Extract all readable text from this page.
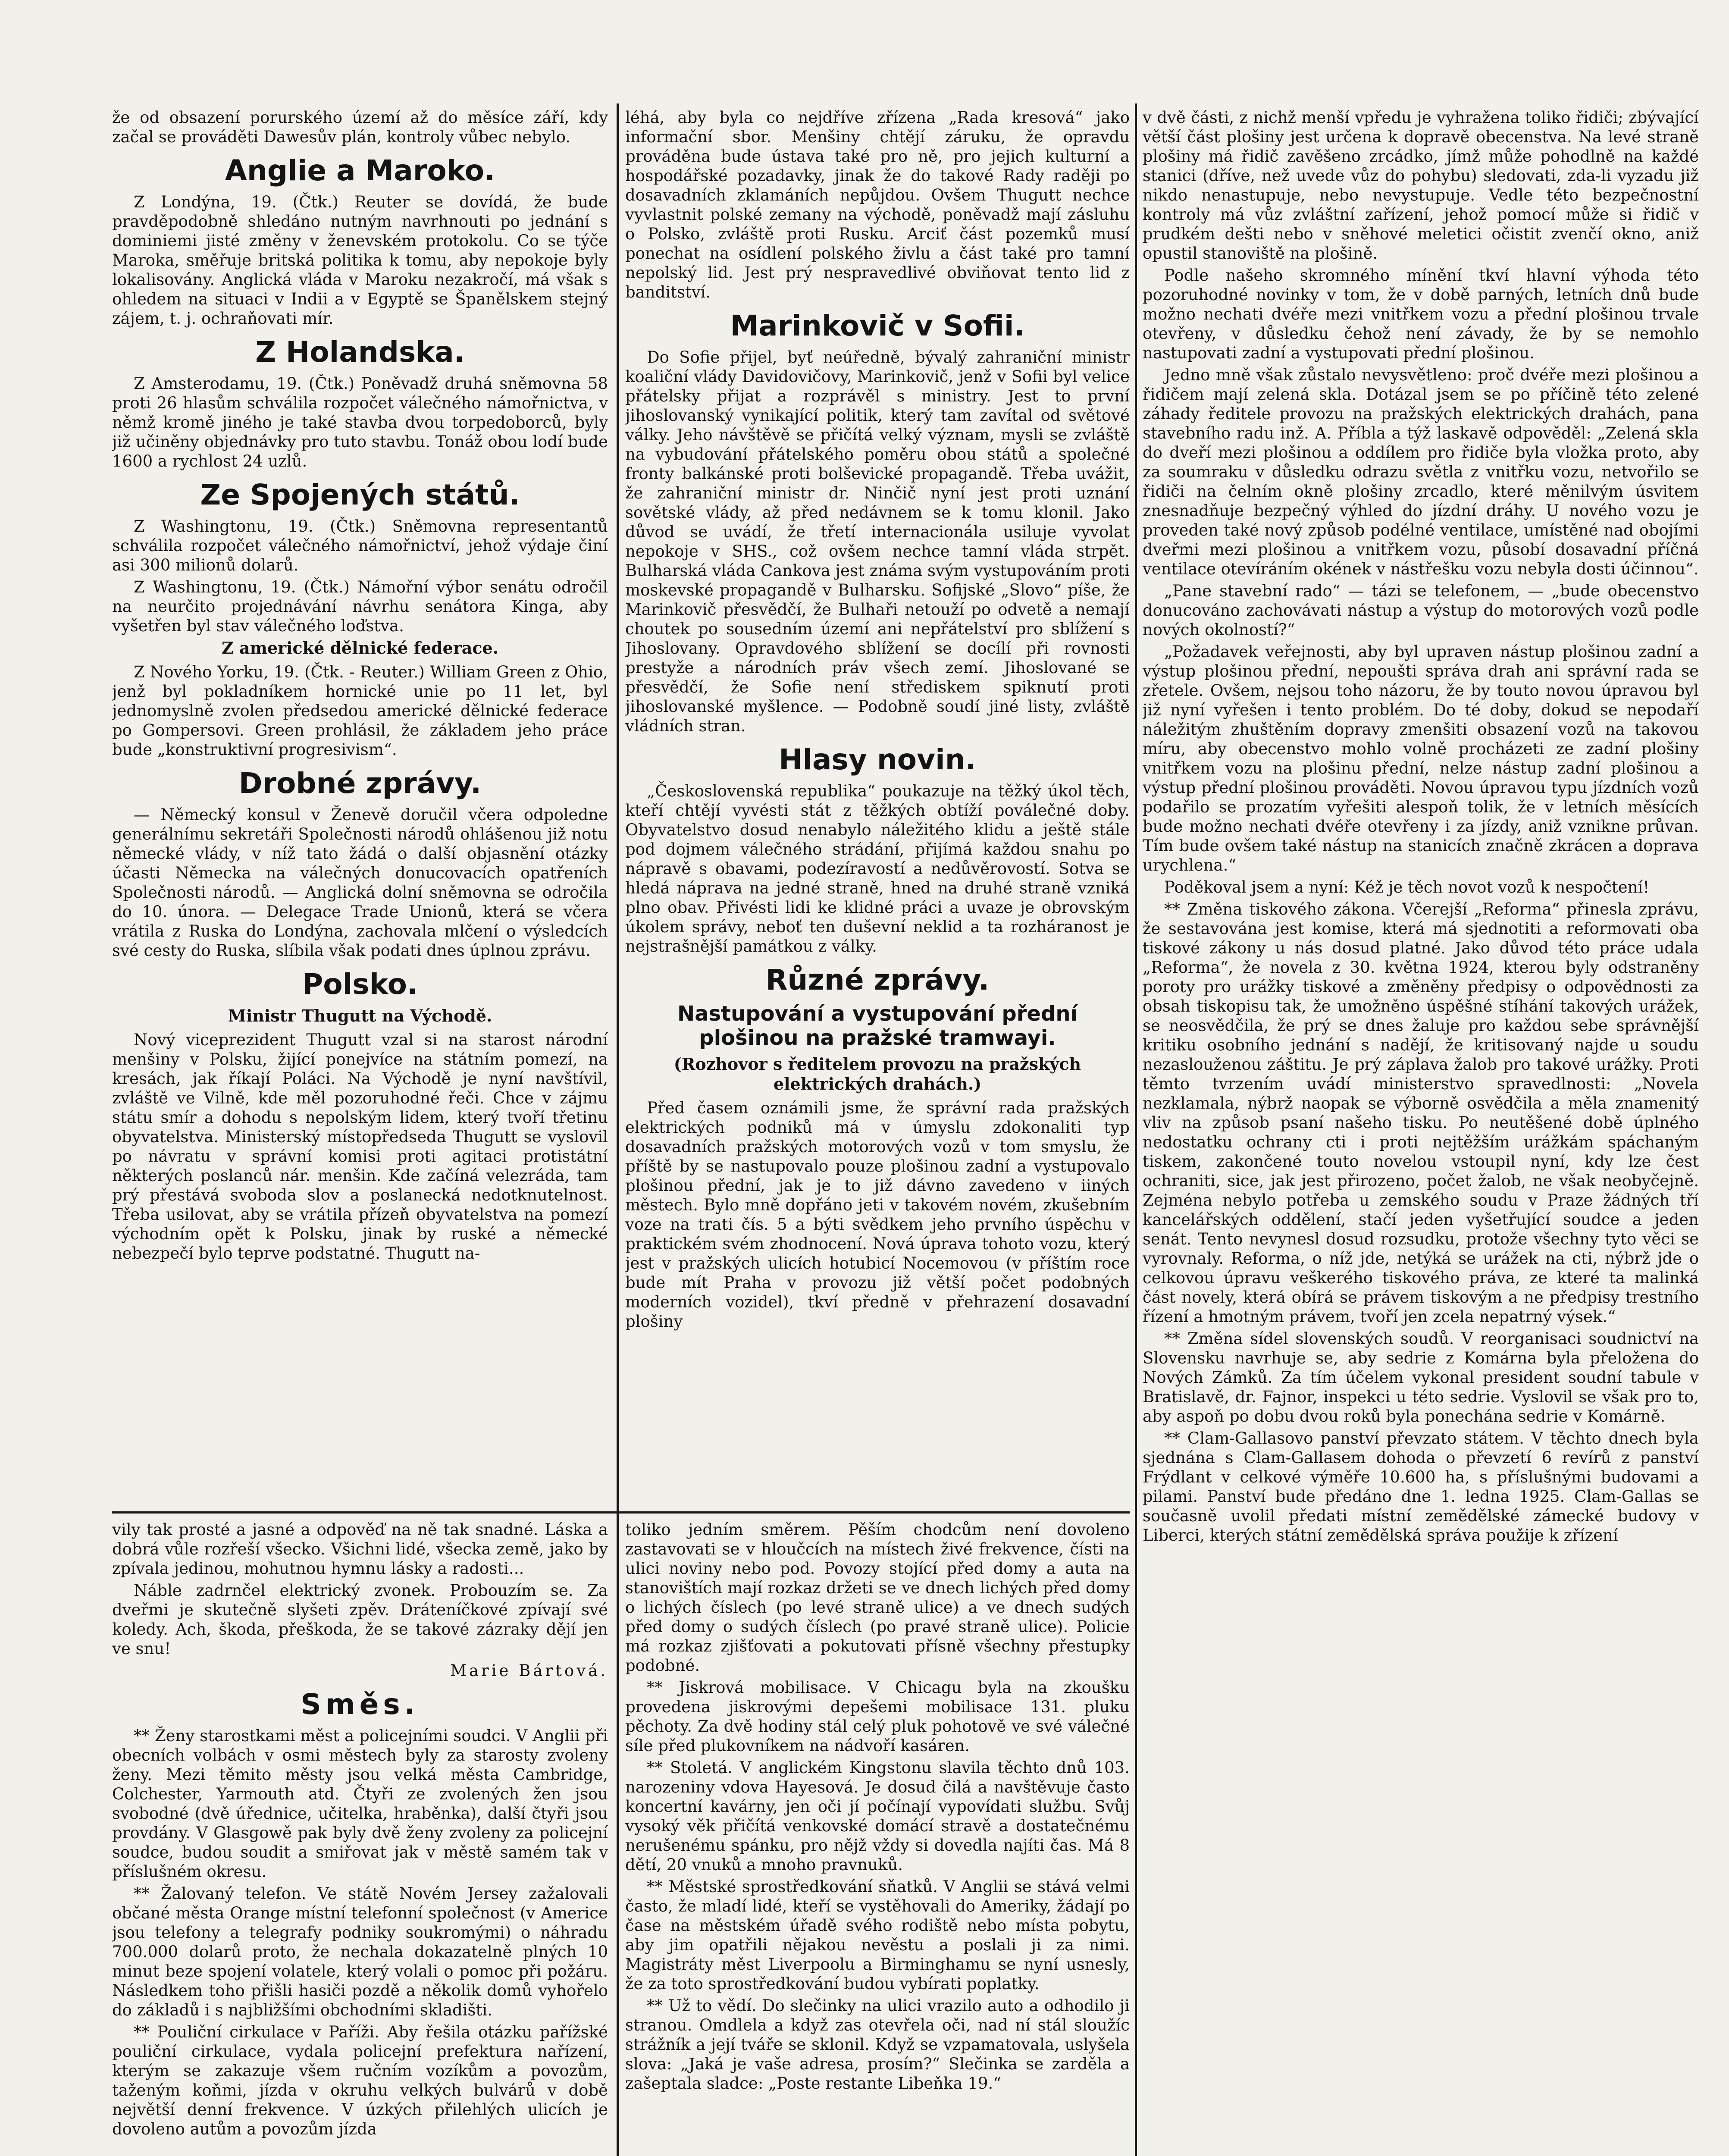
že od obsazení porurského území až do měsíce září, kdy začal se prováděti Dawesův plán, kontroly vůbec nebylo.

Anglie a Maroko.

Z Londýna, 19. (Čtk.) Reuter se dovídá, že bude pravděpodobně shledáno nutným navrhnouti po jednání s dominiemi jisté změny v ženevském protokolu. Co se týče Maroka, směřuje britská politika k tomu, aby nepokoje byly lokalisovány. Anglická vláda v Maroku nezakročí, má však s ohledem na situaci v Indii a v Egyptě se Španělskem stejný zájem, t. j. ochraňovati mír.

Z Holandska.

Z Amsterodamu, 19. (Čtk.) Poněvadž druhá sněmovna 58 proti 26 hlasům schválila rozpočet válečného námořnictva, v němž kromě jiného je také stavba dvou torpedoborců, byly již učiněny objednávky pro tuto stavbu. Tonáž obou lodí bude 1600 a rychlost 24 uzlů.

Ze Spojených států.

Z Washingtonu, 19. (Čtk.) Sněmovna representantů schválila rozpočet válečného námořnictví, jehož výdaje činí asi 300 milionů dolarů.

Z Washingtonu, 19. (Čtk.) Námořní výbor senátu odročil na neurčito projednávání návrhu senátora Kinga, aby vyšetřen byl stav válečného loďstva.

Z americké dělnické federace.

Z Nového Yorku, 19. (Čtk. - Reuter.) William Green z Ohio, jenž byl pokladníkem hornické unie po 11 let, byl jednomyslně zvolen předsedou americké dělnické federace po Gompersovi. Green prohlásil, že základem jeho práce bude „konstruktivní progresivism“.

Drobné zprávy.

— Německý konsul v Ženevě doručil včera odpoledne generálnímu sekretáři Společnosti národů ohlášenou již notu německé vlády, v níž tato žádá o další objasnění otázky účasti Německa na válečných donucovacích opatřeních Společnosti národů. — Anglická dolní sněmovna se odročila do 10. února. — Delegace Trade Unionů, která se včera vrátila z Ruska do Londýna, zachovala mlčení o výsledcích své cesty do Ruska, slíbila však podati dnes úplnou zprávu.

Polsko.
Ministr Thugutt na Východě.

Nový viceprezident Thugutt vzal si na starost národní menšiny v Polsku, žijící ponejvíce na státním pomezí, na kresách, jak říkají Poláci. Na Východě je nyní navštívil, zvláště ve Vilně, kde měl pozoruhodné řeči. Chce v zájmu státu smír a dohodu s nepolským lidem, který tvoří třetinu obyvatelstva. Ministerský místopředseda Thugutt se vyslovil po návratu v správní komisi proti agitaci protistátní některých poslanců nár. menšin. Kde začíná velezráda, tam prý přestává svoboda slov a poslanecká nedotknutelnost. Třeba usilovat, aby se vrátila přízeň obyvatelstva na pomezí východním opět k Polsku, jinak by ruské a německé nebezpečí bylo teprve podstatné. Thugutt na-

léhá, aby byla co nejdříve zřízena „Rada kresová“ jako informační sbor. Menšiny chtějí záruku, že opravdu prováděna bude ústava také pro ně, pro jejich kulturní a hospodářské pozadavky, jinak že do takové Rady raději po dosavadních zklamáních nepůjdou. Ovšem Thugutt nechce vyvlastnit polské zemany na východě, poněvadž mají zásluhu o Polsko, zvláště proti Rusku. Arciť část pozemků musí ponechat na osídlení polského živlu a část také pro tamní nepolský lid. Jest prý nespravedlivé obviňovat tento lid z banditství.

Marinkovič v Sofii.

Do Sofie přijel, byť neúředně, bývalý zahraniční ministr koaliční vlády Davidovičovy, Marinkovič, jenž v Sofii byl velice přátelsky přijat a rozprávěl s ministry. Jest to první jihoslovanský vynikající politik, který tam zavítal od světové války. Jeho návštěvě se přičítá velký význam, mysli se zvláště na vybudování přátelského poměru obou států a společné fronty balkánské proti bolševické propagandě. Třeba uvážit, že zahraniční ministr dr. Ninčič nyní jest proti uznání sovětské vlády, až před nedávnem se k tomu klonil. Jako důvod se uvádí, že třetí internacionála usiluje vyvolat nepokoje v SHS., což ovšem nechce tamní vláda strpět. Bulharská vláda Cankova jest známa svým vystupováním proti moskevské propagandě v Bulharsku. Sofijské „Slovo“ píše, že Marinkovič přesvědčí, že Bulhaři netouží po odvetě a nemají choutek po sousedním území ani nepřátelství pro sblížení s Jihoslovany. Opravdového sblížení se docílí při rovnosti prestyže a národních práv všech zemí. Jihoslované se přesvědčí, že Sofie není střediskem spiknutí proti jihoslovanské myšlence. — Podobně soudí jiné listy, zvláště vládních stran.

Hlasy novin.

„Československá republika“ poukazuje na těžký úkol těch, kteří chtějí vyvésti stát z těžkých obtíží poválečné doby. Obyvatelstvo dosud nenabylo náležitého klidu a ještě stále pod dojmem válečného strádání, přijímá každou snahu po nápravě s obavami, podezíravostí a nedůvěrovostí. Sotva se hledá náprava na jedné straně, hned na druhé straně vzniká plno obav. Přivésti lidi ke klidné práci a uvaze je obrovským úkolem správy, neboť ten duševní neklid a ta rozháranost je nejstrašnější památkou z války.

Různé zprávy.
Nastupování a vystupování přední plošinou na pražské tramwayi.
(Rozhovor s ředitelem provozu na pražských elektrických drahách.)

Před časem oznámili jsme, že správní rada pražských elektrických podniků má v úmyslu zdokonaliti typ dosavadních pražských motorových vozů v tom smyslu, že příště by se nastupovalo pouze plošinou zadní a vystupovalo plošinou přední, jak je to již dávno zavedeno v iiných městech. Bylo mně dopřáno jeti v takovém novém, zkušebním voze na trati čís. 5 a býti svědkem jeho prvního úspěchu v praktickém svém zhodnocení. Nová úprava tohoto vozu, který jest v pražských ulicích hotubicí Nocemovou (v příštím roce bude mít Praha v provozu již větší počet podobných moderních vozidel), tkví předně v přehrazení dosavadní plošiny

v dvě části, z nichž menší vpředu je vyhražena toliko řidiči; zbývající větší část plošiny jest určena k dopravě obecenstva. Na levé straně plošiny má řidič zavěšeno zrcádko, jímž může pohodlně na každé stanici (dříve, než uvede vůz do pohybu) sledovati, zda-li vyzadu již nikdo nenastupuje, nebo nevystupuje. Vedle této bezpečnostní kontroly má vůz zvláštní zařízení, jehož pomocí může si řidič v prudkém dešti nebo v sněhové meletici očistit zvenčí okno, aniž opustil stanoviště na plošině.

Podle našeho skromného mínění tkví hlavní výhoda této pozoruhodné novinky v tom, že v době parných, letních dnů bude možno nechati dvéře mezi vnitřkem vozu a přední plošinou trvale otevřeny, v důsledku čehož není závady, že by se nemohlo nastupovati zadní a vystupovati přední plošinou.

Jedno mně však zůstalo nevysvětleno: proč dvéře mezi plošinou a řidičem mají zelená skla. Dotázal jsem se po příčině této zelené záhady ředitele provozu na pražských elektrických drahách, pana stavebního radu inž. A. Příbla a týž laskavě odpověděl: „Zelená skla do dveří mezi plošinou a oddílem pro řidiče byla vložka proto, aby za soumraku v důsledku odrazu světla z vnitřku vozu, netvořilo se řidiči na čelním okně plošiny zrcadlo, které měnilvým úsvitem znesnadňuje bezpečný výhled do jízdní dráhy. U nového vozu je proveden také nový způsob podélné ventilace, umístěné nad obojími dveřmi mezi plošinou a vnitřkem vozu, působí dosavadní příčná ventilace otevíráním okének v nástřešku vozu nebyla dosti účinnou“.

„Pane stavební rado“ — tázi se telefonem, — „bude obecenstvo donucováno zachovávati nástup a výstup do motorových vozů podle nových okolností?“

„Požadavek veřejnosti, aby byl upraven nástup plošinou zadní a výstup plošinou přední, nepoušti správa drah ani správní rada se zřetele. Ovšem, nejsou toho názoru, že by touto novou úpravou byl již nyní vyřešen i tento problém. Do té doby, dokud se nepodaří náležitým zhuštěním dopravy zmenšiti obsazení vozů na takovou míru, aby obecenstvo mohlo volně procházeti ze zadní plošiny vnitřkem vozu na plošinu přední, nelze nástup zadní plošinou a výstup přední plošinou prováděti. Novou úpravou typu jízdních vozů podařilo se prozatím vyřešiti alespoň tolik, že v letních měsících bude možno nechati dvéře otevřeny i za jízdy, aniž vznikne průvan. Tím bude ovšem také nástup na stanicích značně zkrácen a doprava urychlena.“

Poděkoval jsem a nyní: Kéž je těch novot vozů k nespočtení!

** Změna tiskového zákona. Včerejší „Reforma“ přinesla zprávu, že sestavována jest komise, která má sjednotiti a reformovati oba tiskové zákony u nás dosud platné. Jako důvod této práce udala „Reforma“, že novela z 30. května 1924, kterou byly odstraněny poroty pro urážky tiskové a změněny předpisy o odpovědnosti za obsah tiskopisu tak, že umožněno úspěšné stíhání takových urážek, se neosvědčila, že prý se dnes žaluje pro každou sebe správnější kritiku osobního jednání s nadějí, že kritisovaný najde u soudu nezaslouženou záštitu. Je prý záplava žalob pro takové urážky. Proti těmto tvrzením uvádí ministerstvo spravedlnosti: „Novela nezklamala, nýbrž naopak se výborně osvědčila a měla znamenitý vliv na způsob psaní našeho tisku. Po neutěšené době úplného nedostatku ochrany cti i proti nejtěžším urážkám spáchaným tiskem, zakončené touto novelou vstoupil nyní, kdy lze čest ochraniti, sice, jak jest přirozeno, počet žalob, ne však neobyčejně. Zejména nebylo potřeba u zemského soudu v Praze žádných tří kancelářských oddělení, stačí jeden vyšetřující soudce a jeden senát. Tento nevynesl dosud rozsudku, protože všechny tyto věci se vyrovnaly. Reforma, o níž jde, netýká se urážek na cti, nýbrž jde o celkovou úpravu veškerého tiskového práva, ze které ta malinká část novely, která obírá se právem tiskovým a ne předpisy trestního řízení a hmotným právem, tvoří jen zcela nepatrný výsek.“

** Změna sídel slovenských soudů. V reorganisaci soudnictví na Slovensku navrhuje se, aby sedrie z Komárna byla přeložena do Nových Zámků. Za tím účelem vykonal president soudní tabule v Bratislavě, dr. Fajnor, inspekci u této sedrie. Vyslovil se však pro to, aby aspoň po dobu dvou roků byla ponechána sedrie v Komárně.

** Clam-Gallasovo panství převzato státem. V těchto dnech byla sjednána s Clam-Gallasem dohoda o převzetí 6 revírů z panství Frýdlant v celkové výměře 10.600 ha, s příslušnými budovami a pilami. Panství bude předáno dne 1. ledna 1925. Clam-Gallas se současně uvolil předati místní zemědělské zámecké budovy v Liberci, kterých státní zemědělská správa použije k zřízení

vily tak prosté a jasné a odpověď na ně tak snadné. Láska a dobrá vůle rozřeší všecko. Všichni lidé, všecka země, jako by zpívala jedinou, mohutnou hymnu lásky a radosti...

Náble zadrnčel elektrický zvonek. Probouzím se. Za dveřmi je skutečně slyšeti zpěv. Dráteníčkové zpívají své koledy. Ach, škoda, přeškoda, že se takové zázraky dějí jen ve snu!

Marie Bártová.

Směs.

** Ženy starostkami měst a policejními soudci. V Anglii při obecních volbách v osmi městech byly za starosty zvoleny ženy. Mezi těmito městy jsou velká města Cambridge, Colchester, Yarmouth atd. Čtyři ze zvolených žen jsou svobodné (dvě úřednice, učitelka, hraběnka), další čtyři jsou provdány. V Glasgowě pak byly dvě ženy zvoleny za policejní soudce, budou soudit a smiřovat jak v městě samém tak v příslušném okresu.

** Žalovaný telefon. Ve státě Novém Jersey zažalovali občané města Orange místní telefonní společnost (v Americe jsou telefony a telegrafy podniky soukromými) o náhradu 700.000 dolarů proto, že nechala dokazatelně plných 10 minut beze spojení volatele, který volali o pomoc při požáru. Následkem toho přišli hasiči pozdě a několik domů vyhořelo do základů i s najbližšími obchodními skladišti.

** Pouliční cirkulace v Paříži. Aby řešila otázku pařížské pouliční cirkulace, vydala policejní prefektura nařízení, kterým se zakazuje všem ručním vozíkům a povozům, taženým koňmi, jízda v okruhu velkých bulvárů v době největší denní frekvence. V úzkých přilehlých ulicích je dovoleno autům a povozům jízda

toliko jedním směrem. Pěším chodcům není dovoleno zastavovati se v hloučcích na místech živé frekvence, čísti na ulici noviny nebo pod. Povozy stojící před domy a auta na stanovištích mají rozkaz držeti se ve dnech lichých před domy o lichých číslech (po levé straně ulice) a ve dnech sudých před domy o sudých číslech (po pravé straně ulice). Policie má rozkaz zjišťovati a pokutovati přísně všechny přestupky podobné.

** Jiskrová mobilisace. V Chicagu byla na zkoušku provedena jiskrovými depešemi mobilisace 131. pluku pěchoty. Za dvě hodiny stál celý pluk pohotově ve své válečné síle před plukovníkem na nádvoří kasáren.

** Stoletá. V anglickém Kingstonu slavila těchto dnů 103. narozeniny vdova Hayesová. Je dosud čilá a navštěvuje často koncertní kavárny, jen oči jí počínají vypovídati službu. Svůj vysoký věk přičítá venkovské domácí stravě a dostatečnému nerušenému spánku, pro nějž vždy si dovedla najíti čas. Má 8 dětí, 20 vnuků a mnoho pravnuků.

** Městské sprostředkování sňatků. V Anglii se stává velmi často, že mladí lidé, kteří se vystěhovali do Ameriky, žádají po čase na městském úřadě svého rodiště nebo místa pobytu, aby jim opatřili nějakou nevěstu a poslali ji za nimi. Magistráty měst Liverpoolu a Birminghamu se nyní usnesly, že za toto sprostředkování budou vybírati poplatky.

** Už to vědí. Do slečinky na ulici vrazilo auto a odhodilo ji stranou. Omdlela a když zas otevřela oči, nad ní stál sloužíc strážník a její tváře se sklonil. Když se vzpamatovala, uslyšela slova: „Jaká je vaše adresa, prosím?“ Slečinka se zarděla a zašeptala sladce: „Poste restante Libeňka 19.“
